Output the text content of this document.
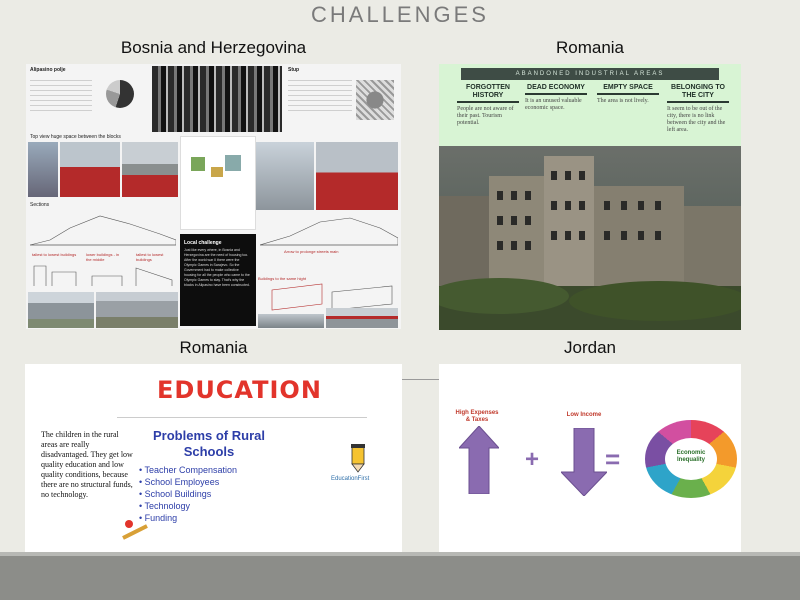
CHALLENGES
Bosnia and Herzegovina	Romania
Romania	Jordan
Alipasino polje	Stup
Top view huge space between the blocks
Local challenge
Just like every where, in Bosnia and Herzegovina are the need of housing too. After the world war II there were the Olympic Games in Sarajevo. So the Government had to make collective housing for all the people who came to the Olympic Games to stay. That's why the blocks in Alipasino have been constructed.
Sections
Arrow to prolonge streets main
tallest to lowest buildings lower buildings - in the middle
tallest to lowest buildings
Buildings to the same hight
ABANDONED INDUSTRIAL AREAS
FORGOTTEN HISTORY
People are not aware of their past. Tourism potential.
DEAD ECONOMY
It is an unused valuable economic space.
EMPTY SPACE
The area is not lively.
BELONGING TO THE CITY
It seem to be out of the city, there is no link between the city and the left area.
EDUCATION
The children in the rural areas are really disadvantaged. They get low quality education and low quality conditions, because there are no structural funds, no technology.
Problems of Rural Schools
• Teacher Compensation
• School Employees
• School Buildings
• Technology
• Funding
EducationFirst
High Expenses & Taxes
+
Low Income
=	Economic Inequality
